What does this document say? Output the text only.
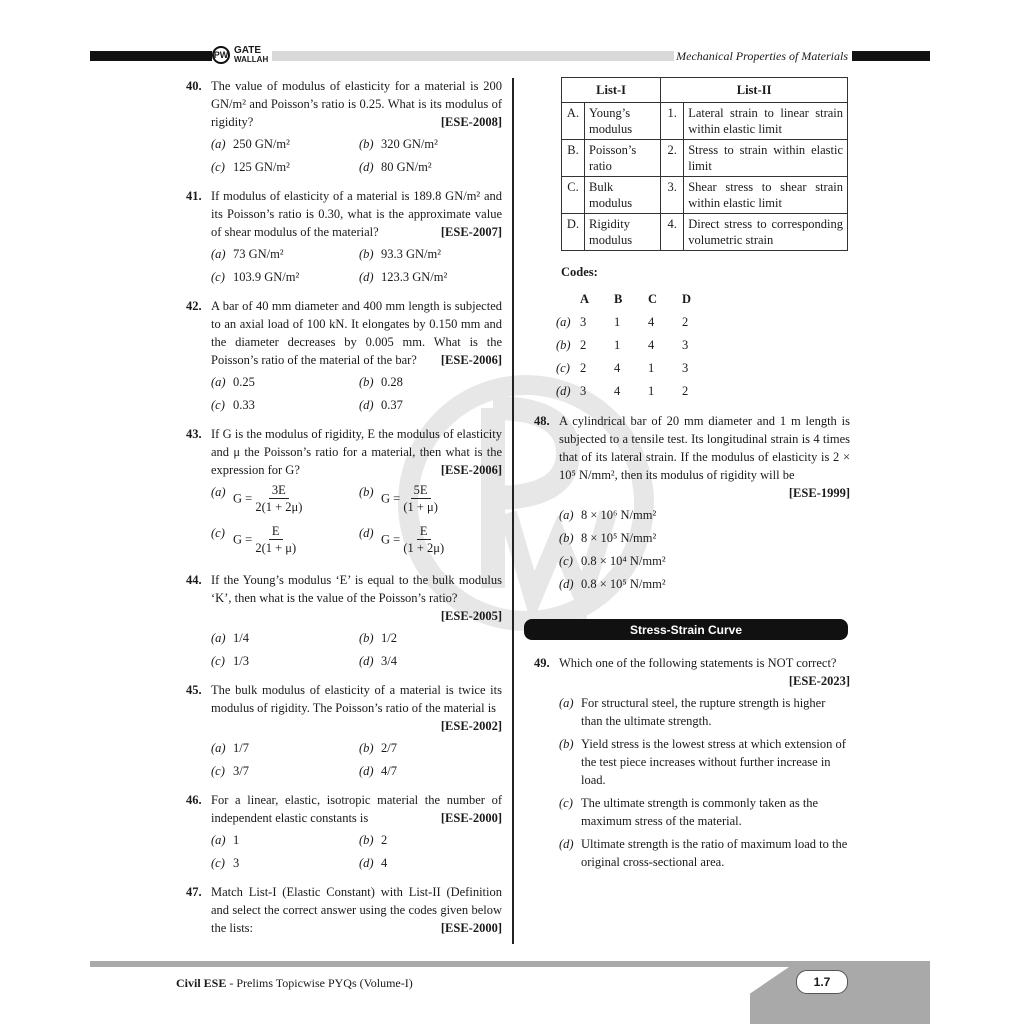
PW GATE
WALLAH	Mechanical Properties of Materials
40. The value of modulus of elasticity for a material is 200 GN/m² and Poisson’s ratio is 0.25. What is its modulus of rigidity?	[ESE-2008]
(a) 250 GN/m²	(b) 320 GN/m²
(c) 125 GN/m²	(d) 80 GN/m²
41. If modulus of elasticity of a material is 189.8 GN/m² and its Poisson’s ratio is 0.30, what is the approximate value of shear modulus of the material?	[ESE-2007]
(a) 73 GN/m²	(b) 93.3 GN/m²
(c) 103.9 GN/m²	(d) 123.3 GN/m²
42. A bar of 40 mm diameter and 400 mm length is subjected to an axial load of 100 kN. It elongates by 0.150 mm and the diameter decreases by 0.005 mm. What is the Poisson’s ratio of the material of the bar? [ESE-2006]
(a) 0.25	(b) 0.28
(c) 0.33	(d) 0.37
43. If G is the modulus of rigidity, E the modulus of elasticity and μ the Poisson’s ratio for a material, then what is the expression for G?	[ESE-2006]
(a) $G = \frac{3E}{2(1 + 2\mu)}$	(b) $G = \frac{5E}{(1 + \mu)}$
(c) $G = \frac{E}{2(1 + \mu)}$	(d) $G = \frac{E}{(1 + 2\mu)}$
44. If the Young’s modulus ‘E’ is equal to the bulk modulus ‘K’, then what is the value of the Poisson’s ratio?
[ESE-2005]
(a) 1/4	(b) 1/2
(c) 1/3	(d) 3/4
45. The bulk modulus of elasticity of a material is twice its modulus of rigidity. The Poisson’s ratio of the material is
[ESE-2002]
(a) 1/7	(b) 2/7
(c) 3/7	(d) 4/7
46. For a linear, elastic, isotropic material the number of independent elastic constants is	[ESE-2000]
(a) 1	(b) 2
(c) 3	(d) 4
47. Match List-I (Elastic Constant) with List-II (Definition and select the correct answer using the codes given below the lists:	[ESE-2000]
List-I		List-II	
A.	Young’s modulus	1.	Lateral strain to linear strain within elastic limit
B.	Poisson’s ratio	2.	Stress to strain within elastic limit
C.	Bulk modulus	3.	Shear stress to shear strain within elastic limit
D.	Rigidity modulus	4.	Direct stress to corresponding volumetric strain
Codes:
	A	B	C	D
(a)	3	1	4	2
(b)	2	1	4	3
(c)	2	4	1	3
(d)	3	4	1	2
48. A cylindrical bar of 20 mm diameter and 1 m length is subjected to a tensile test. Its longitudinal strain is 4 times that of its lateral strain. If the modulus of elasticity is 2 × 10⁵ N/mm², then its modulus of rigidity will be
[ESE-1999]
(a) 8 × 10⁶ N/mm²
(b) 8 × 10⁵ N/mm²
(c) 0.8 × 10⁴ N/mm²
(d) 0.8 × 10⁵ N/mm²
Stress-Strain Curve
49. Which one of the following statements is NOT correct?
[ESE-2023]
(a) For structural steel, the rupture strength is higher than the ultimate strength.
(b) Yield stress is the lowest stress at which extension of the test piece increases without further increase in load.
(c) The ultimate strength is commonly taken as the maximum stress of the material.
(d) Ultimate strength is the ratio of maximum load to the original cross-sectional area.
Civil ESE - Prelims Topicwise PYQs (Volume-I)	1.7
